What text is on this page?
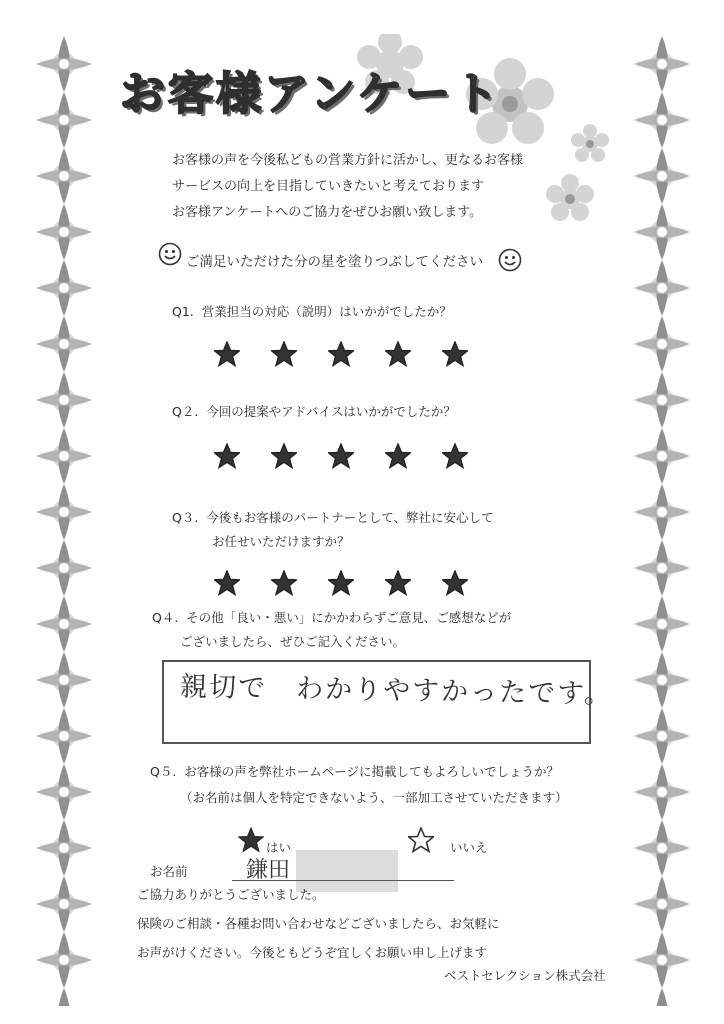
お客様アンケート
お客様の声を今後私どもの営業方針に活かし、更なるお客様
サービスの向上を目指していきたいと考えております
お客様アンケートへのご協力をぜひお願い致します。
ご満足いただけた分の星を塗りつぶしてください
Q1. 営業担当の対応（説明）はいかがでしたか？
Q２. 今回の提案やアドバイスはいかがでしたか？
Q３. 今後もお客様のパートナーとして、弊社に安心して
お任せいただけますか？
Q４. その他「良い・悪い」にかかわらずご意見、ご感想などが
ございましたら、ぜひご記入ください。
親切で　わかりやすかったです。
Q５. お客様の声を弊社ホームページに掲載してもよろしいでしょうか？
（お名前は個人を特定できないよう、一部加工させていただきます）
はい	いいえ
お名前	鎌田
ご協力ありがとうございました。
保険のご相談・各種お問い合わせなどございましたら、お気軽に
お声がけください。今後ともどうぞ宜しくお願い申し上げます
ベストセレクション株式会社
